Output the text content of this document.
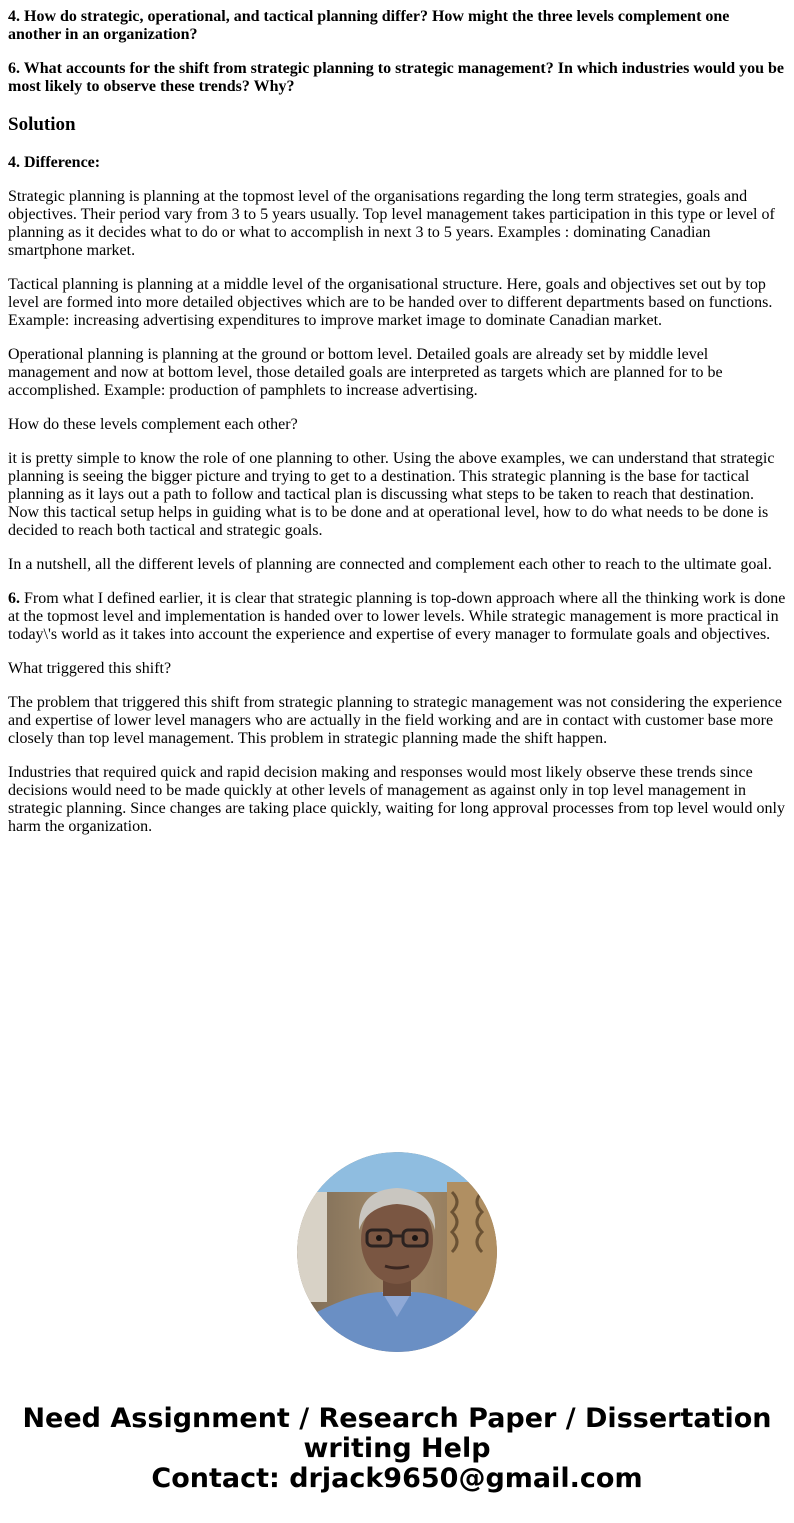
4. How do strategic, operational, and tactical planning differ? How might the three levels complement one another in an organization?
6. What accounts for the shift from strategic planning to strategic management? In which industries would you be most likely to observe these trends? Why?
Solution

4. Difference:

Strategic planning is planning at the topmost level of the organisations regarding the long term strategies, goals and objectives. Their period vary from 3 to 5 years usually. Top level management takes participation in this type or level of planning as it decides what to do or what to accomplish in next 3 to 5 years. Examples : dominating Canadian smartphone market.

Tactical planning is planning at a middle level of the organisational structure. Here, goals and objectives set out by top level are formed into more detailed objectives which are to be handed over to different departments based on functions. Example: increasing advertising expenditures to improve market image to dominate Canadian market.

Operational planning is planning at the ground or bottom level. Detailed goals are already set by middle level management and now at bottom level, those detailed goals are interpreted as targets which are planned for to be accomplished. Example: production of pamphlets to increase advertising.

How do these levels complement each other?

it is pretty simple to know the role of one planning to other. Using the above examples, we can understand that strategic planning is seeing the bigger picture and trying to get to a destination. This strategic planning is the base for tactical planning as it lays out a path to follow and tactical plan is discussing what steps to be taken to reach that destination. Now this tactical setup helps in guiding what is to be done and at operational level, how to do what needs to be done is decided to reach both tactical and strategic goals.

In a nutshell, all the different levels of planning are connected and complement each other to reach to the ultimate goal.

6. From what I defined earlier, it is clear that strategic planning is top-down approach where all the thinking work is done at the topmost level and implementation is handed over to lower levels. While strategic management is more practical in today\'s world as it takes into account the experience and expertise of every manager to formulate goals and objectives.

What triggered this shift?

The problem that triggered this shift from strategic planning to strategic management was not considering the experience and expertise of lower level managers who are actually in the field working and are in contact with customer base more closely than top level management. This problem in strategic planning made the shift happen.

Industries that required quick and rapid decision making and responses would most likely observe these trends since decisions would need to be made quickly at other levels of management as against only in top level management in strategic planning. Since changes are taking place quickly, waiting for long approval processes from top level would only harm the organization.

Need Assignment / Research Paper / Dissertation
writing Help
Contact: drjack9650@gmail.com
